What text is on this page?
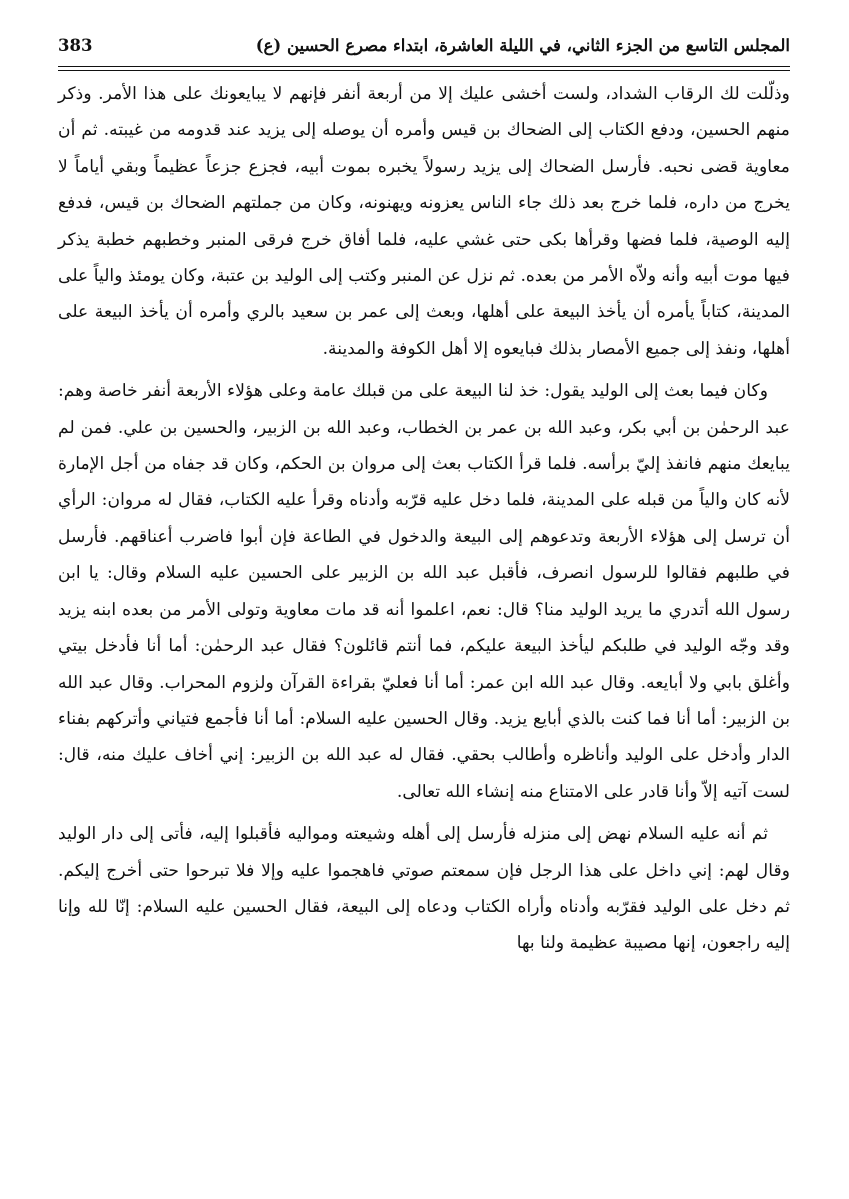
المجلس التاسع من الجزء الثاني، في الليلة العاشرة، ابتداء مصرع الحسين (ع)
383

وذلّلت لك الرقاب الشداد، ولست أخشى عليك إلا من أربعة أنفر فإنهم لا يبايعونك على هذا الأمر. وذكر منهم الحسين، ودفع الكتاب إلى الضحاك بن قيس وأمره أن يوصله إلى يزيد عند قدومه من غيبته. ثم أن معاوية قضى نحبه. فأرسل الضحاك إلى يزيد رسولاً يخبره بموت أبيه، فجزع جزعاً عظيماً وبقي أياماً لا يخرج من داره، فلما خرج بعد ذلك جاء الناس يعزونه ويهنونه، وكان من جملتهم الضحاك بن قيس، فدفع إليه الوصية، فلما فضها وقرأها بكى حتى غشي عليه، فلما أفاق خرج فرقى المنبر وخطبهم خطبة يذكر فيها موت أبيه وأنه ولاّه الأمر من بعده. ثم نزل عن المنبر وكتب إلى الوليد بن عتبة، وكان يومئذ والياً على المدينة، كتاباً يأمره أن يأخذ البيعة على أهلها، وبعث إلى عمر بن سعيد بالري وأمره أن يأخذ البيعة على أهلها، ونفذ إلى جميع الأمصار بذلك فبايعوه إلا أهل الكوفة والمدينة.

وكان فيما بعث إلى الوليد يقول: خذ لنا البيعة على من قبلك عامة وعلى هؤلاء الأربعة أنفر خاصة وهم: عبد الرحمٰن بن أبي بكر، وعبد الله بن عمر بن الخطاب، وعبد الله بن الزبير، والحسين بن علي. فمن لم يبايعك منهم فانفذ إليّ برأسه. فلما قرأ الكتاب بعث إلى مروان بن الحكم، وكان قد جفاه من أجل الإمارة لأنه كان والياً من قبله على المدينة، فلما دخل عليه قرّبه وأدناه وقرأ عليه الكتاب، فقال له مروان: الرأي أن ترسل إلى هؤلاء الأربعة وتدعوهم إلى البيعة والدخول في الطاعة فإن أبوا فاضرب أعناقهم. فأرسل في طلبهم فقالوا للرسول انصرف، فأقبل عبد الله بن الزبير على الحسين عليه السلام وقال: يا ابن رسول الله أتدري ما يريد الوليد منا؟ قال: نعم، اعلموا أنه قد مات معاوية وتولى الأمر من بعده ابنه يزيد وقد وجّه الوليد في طلبكم ليأخذ البيعة عليكم، فما أنتم قائلون؟ فقال عبد الرحمٰن: أما أنا فأدخل بيتي وأغلق بابي ولا أبايعه. وقال عبد الله ابن عمر: أما أنا فعليّ بقراءة القرآن ولزوم المحراب. وقال عبد الله بن الزبير: أما أنا فما كنت بالذي أبايع يزيد. وقال الحسين عليه السلام: أما أنا فأجمع فتياني وأتركهم بفناء الدار وأدخل على الوليد وأناظره وأطالب بحقي. فقال له عبد الله بن الزبير: إني أخاف عليك منه، قال: لست آتيه إلاّ وأنا قادر على الامتناع منه إنشاء الله تعالى.

ثم أنه عليه السلام نهض إلى منزله فأرسل إلى أهله وشيعته ومواليه فأقبلوا إليه، فأتى إلى دار الوليد وقال لهم: إني داخل على هذا الرجل فإن سمعتم صوتي فاهجموا عليه وإلا فلا تبرحوا حتى أخرج إليكم. ثم دخل على الوليد فقرّبه وأدناه وأراه الكتاب ودعاه إلى البيعة، فقال الحسين عليه السلام: إنّا لله وإنا إليه راجعون، إنها مصيبة عظيمة ولنا بها
